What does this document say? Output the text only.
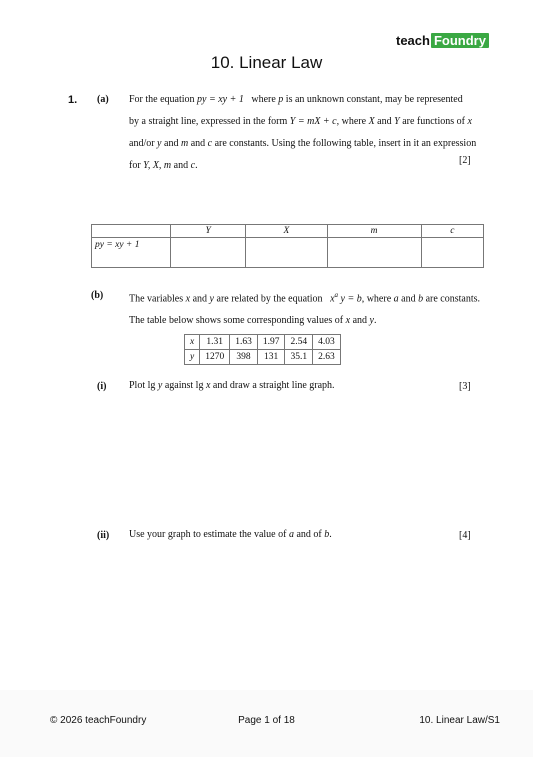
teach Foundry
10. Linear Law
1. (a) For the equation py = xy + 1   where p is an unknown constant, may be represented
by a straight line, expressed in the form Y = mX + c, where X and Y are functions of x
and/or y and m and c are constants. Using the following table, insert in it an expression
for Y, X, m and c.	[2]
	Y	X	m	c
py = xy + 1				
(b)	The variables x and y are related by the equation   $x^a$ y = b, where a and b are constants.
The table below shows some corresponding values of x and y.
x	1.31	1.63	1.97	2.54	4.03
y	1270	398	131	35.1	2.63
(i) Plot lg y against lg x and draw a straight line graph.	[3]
(ii) Use your graph to estimate the value of a and of b.	[4]
© 2026 teachFoundry	Page 1 of 18	10. Linear Law/S1
